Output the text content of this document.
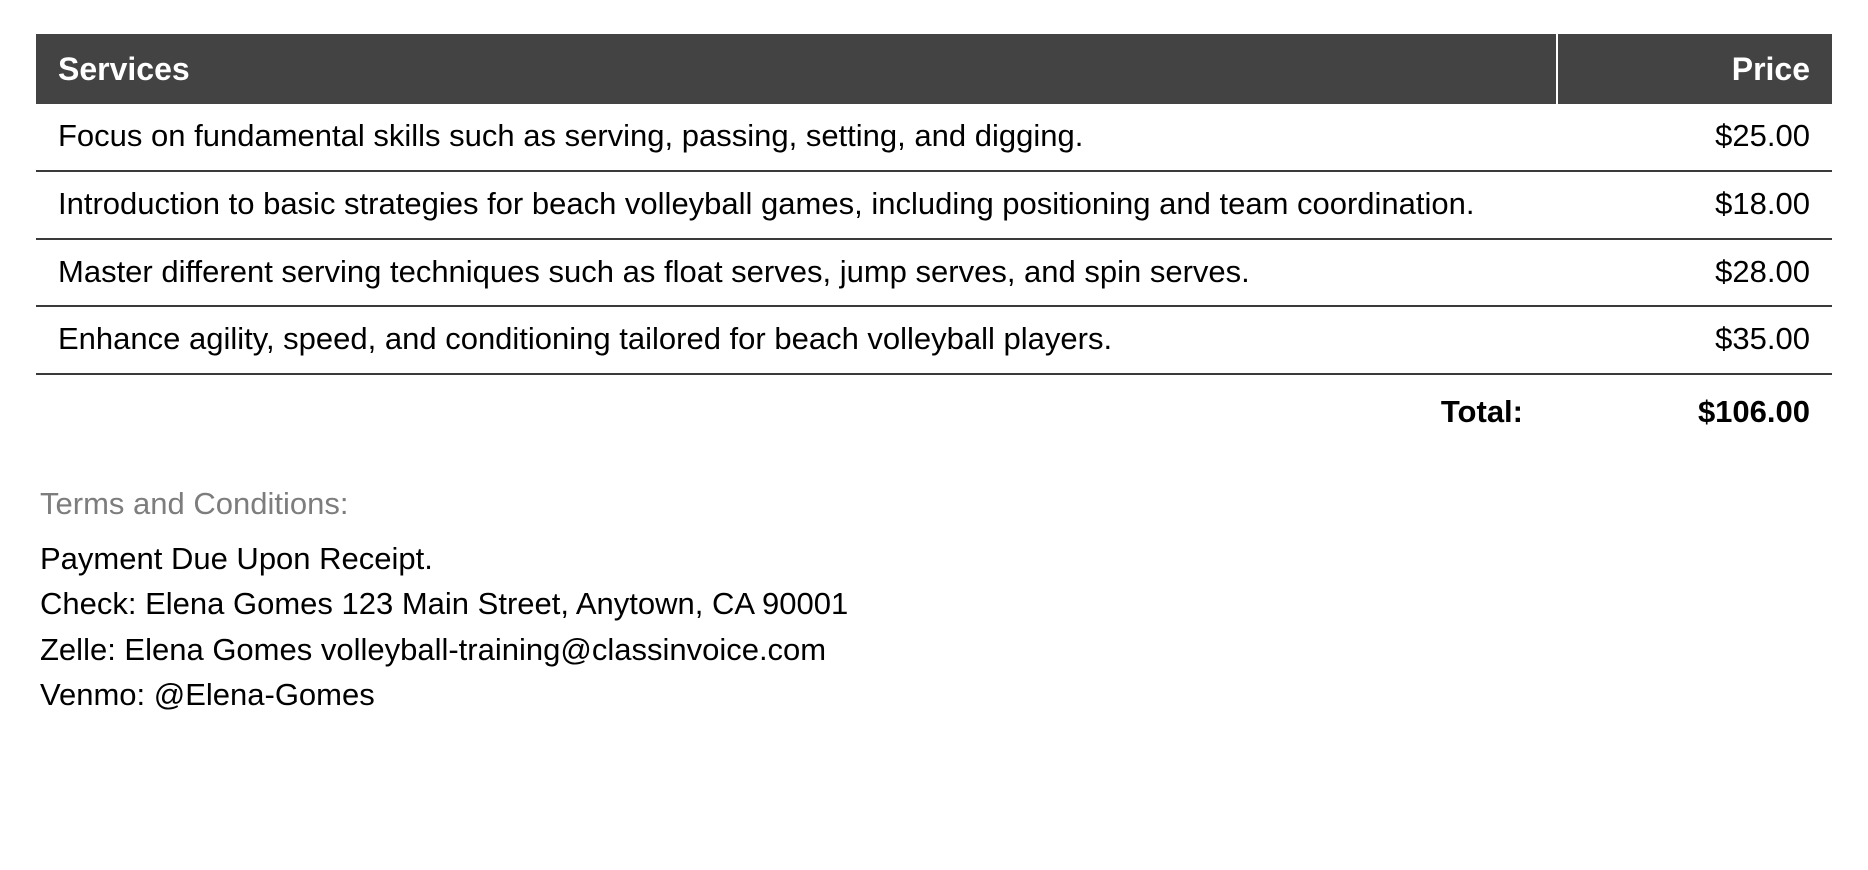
Services	Price
Focus on fundamental skills such as serving, passing, setting, and digging.	$25.00
Introduction to basic strategies for beach volleyball games, including positioning and team coordination.	$18.00
Master different serving techniques such as float serves, jump serves, and spin serves.	$28.00
Enhance agility, speed, and conditioning tailored for beach volleyball players.	$35.00
Total:	$106.00
Terms and Conditions:
Payment Due Upon Receipt.
Check: Elena Gomes 123 Main Street, Anytown, CA 90001
Zelle: Elena Gomes volleyball-training@classinvoice.com
Venmo: @Elena-Gomes
